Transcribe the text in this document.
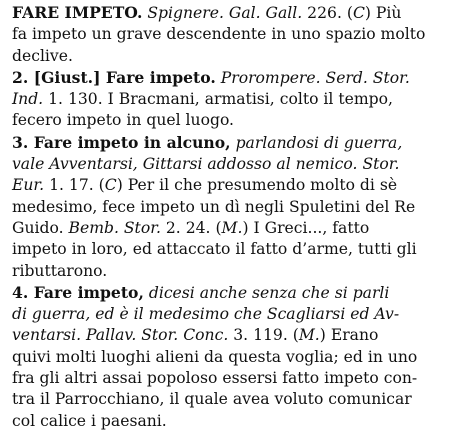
FARE IMPETO. Spignere. Gal. Gall. 226. (C) Più
fa impeto un grave descendente in uno spazio molto
declive.
2. [Giust.] Fare impeto. Prorompere. Serd. Stor.
Ind. 1. 130. I Bracmani, armatisi, colto il tempo,
fecero impeto in quel luogo.
3. Fare impeto in alcuno, parlandosi di guerra,
vale Avventarsi, Gittarsi addosso al nemico. Stor.
Eur. 1. 17. (C) Per il che presumendo molto di sè
medesimo, fece impeto un dì negli Spuletini del Re
Guido. Bemb. Stor. 2. 24. (M.) I Greci..., fatto
impeto in loro, ed attaccato il fatto d’arme, tutti gli
ributtarono.
4. Fare impeto, dicesi anche senza che si parli
di guerra, ed è il medesimo che Scagliarsi ed Av-
ventarsi. Pallav. Stor. Conc. 3. 119. (M.) Erano
quivi molti luoghi alieni da questa voglia; ed in uno
fra gli altri assai popoloso essersi fatto impeto con-
tra il Parrocchiano, il quale avea voluto comunicar
col calice i paesani.
